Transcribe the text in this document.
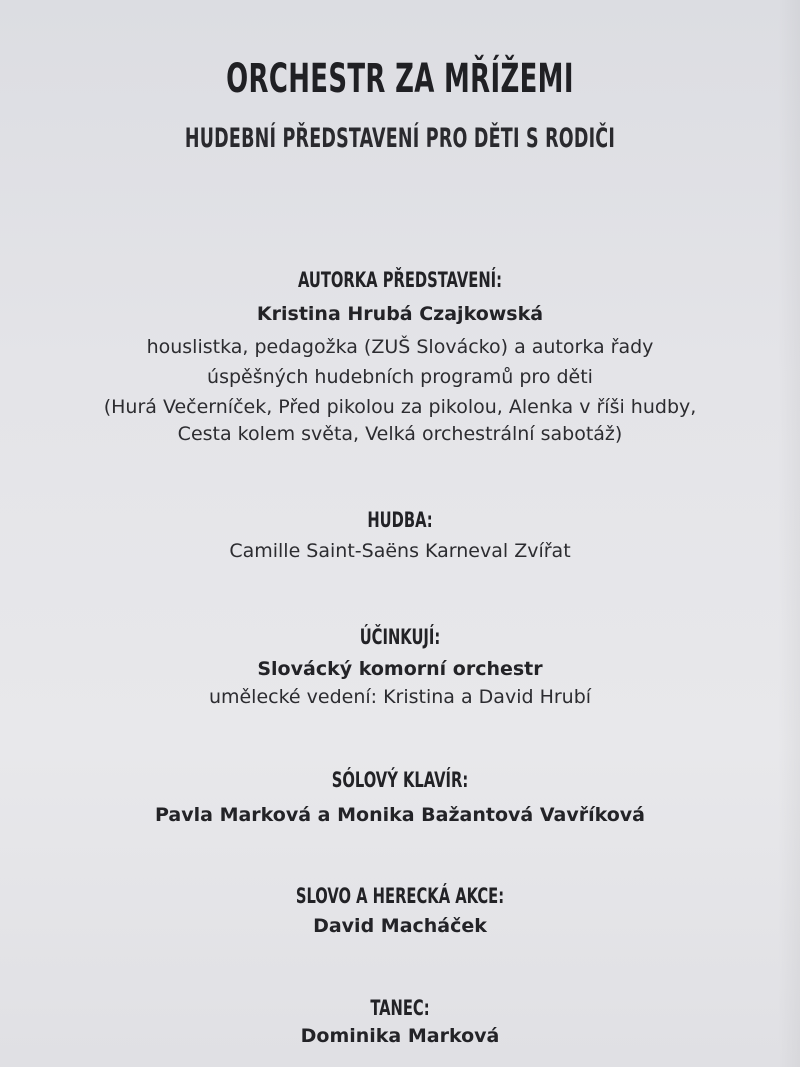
ORCHESTR ZA MŘÍŽEMI
HUDEBNÍ PŘEDSTAVENÍ PRO DĚTI S RODIČI
AUTORKA PŘEDSTAVENÍ:
Kristina Hrubá Czajkowská
houslistka, pedagožka (ZUŠ Slovácko) a autorka řady
úspěšných hudebních programů pro děti
(Hurá Večerníček, Před pikolou za pikolou, Alenka v říši hudby,
Cesta kolem světa, Velká orchestrální sabotáž)
HUDBA:
Camille Saint-Saëns Karneval Zvířat
ÚČINKUJÍ:
Slovácký komorní orchestr
umělecké vedení: Kristina a David Hrubí
SÓLOVÝ KLAVÍR:
Pavla Marková a Monika Bažantová Vavříková
SLOVO A HERECKÁ AKCE:
David Macháček
TANEC:
Dominika Marková
